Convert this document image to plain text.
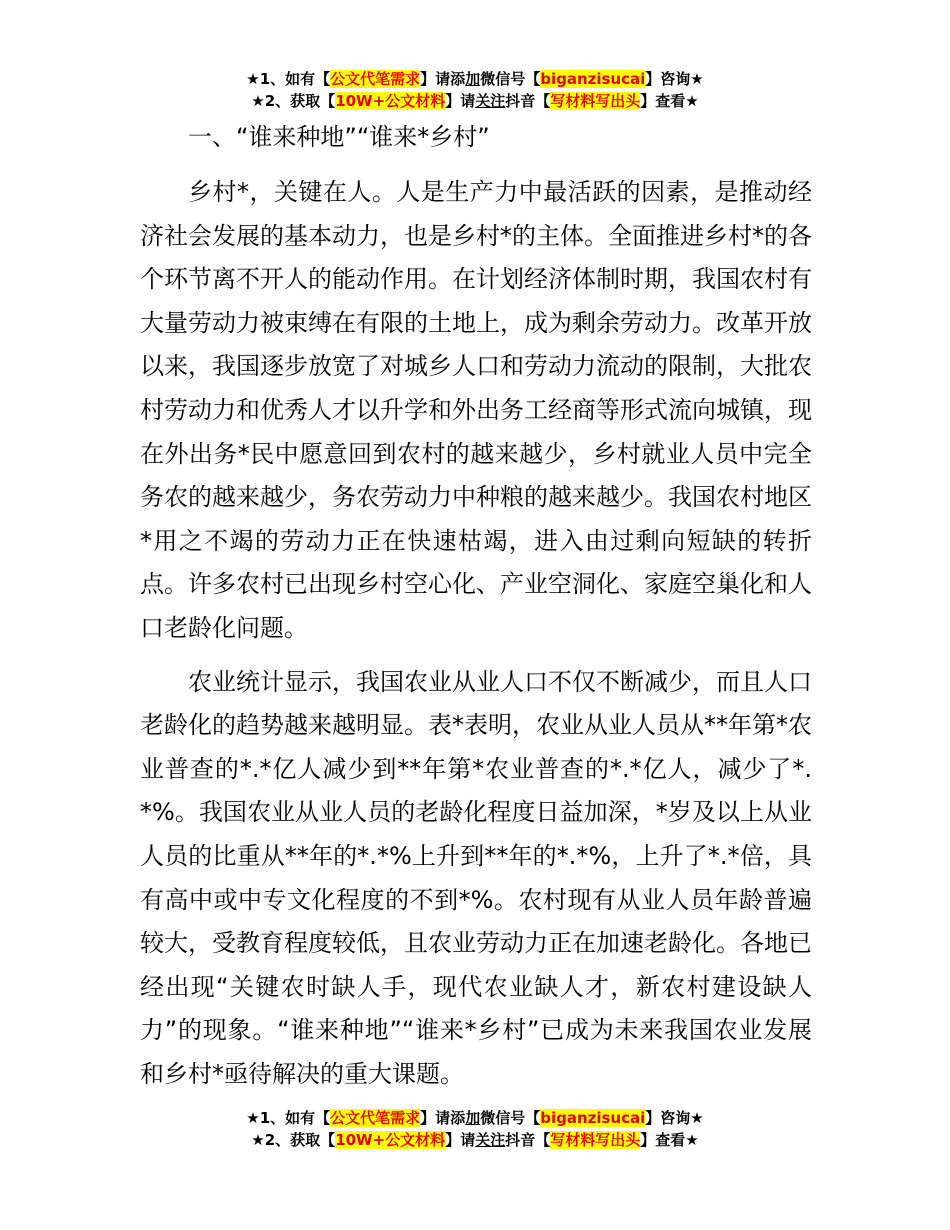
★1、如有【公文代笔需求】请添加微信号【biganzisucai】咨询★
★2、获取【10W+公文材料】请关注抖音【写材料写出头】查看★
一、“谁来种地”“谁来*乡村”

乡村*，关键在人。人是生产力中最活跃的因素，是推动经济社会发展的基本动力，也是乡村*的主体。全面推进乡村*的各个环节离不开人的能动作用。在计划经济体制时期，我国农村有大量劳动力被束缚在有限的土地上，成为剩余劳动力。改革开放以来，我国逐步放宽了对城乡人口和劳动力流动的限制，大批农村劳动力和优秀人才以升学和外出务工经商等形式流向城镇，现在外出务*民中愿意回到农村的越来越少，乡村就业人员中完全务农的越来越少，务农劳动力中种粮的越来越少。我国农村地区*用之不竭的劳动力正在快速枯竭，进入由过剩向短缺的转折点。许多农村已出现乡村空心化、产业空洞化、家庭空巢化和人口老龄化问题。

农业统计显示，我国农业从业人口不仅不断减少，而且人口老龄化的趋势越来越明显。表*表明，农业从业人员从**年第*农业普查的*.*亿人减少到**年第*农业普查的*.*亿人，减少了*.*%。我国农业从业人员的老龄化程度日益加深，*岁及以上从业人员的比重从**年的*.*%上升到**年的*.*%，上升了*.*倍，具有高中或中专文化程度的不到*%。农村现有从业人员年龄普遍较大，受教育程度较低，且农业劳动力正在加速老龄化。各地已经出现“关键农时缺人手，现代农业缺人才，新农村建设缺人力”的现象。“谁来种地”“谁来*乡村”已成为未来我国农业发展和乡村*亟待解决的重大课题。

★1、如有【公文代笔需求】请添加微信号【biganzisucai】咨询★
★2、获取【10W+公文材料】请关注抖音【写材料写出头】查看★
